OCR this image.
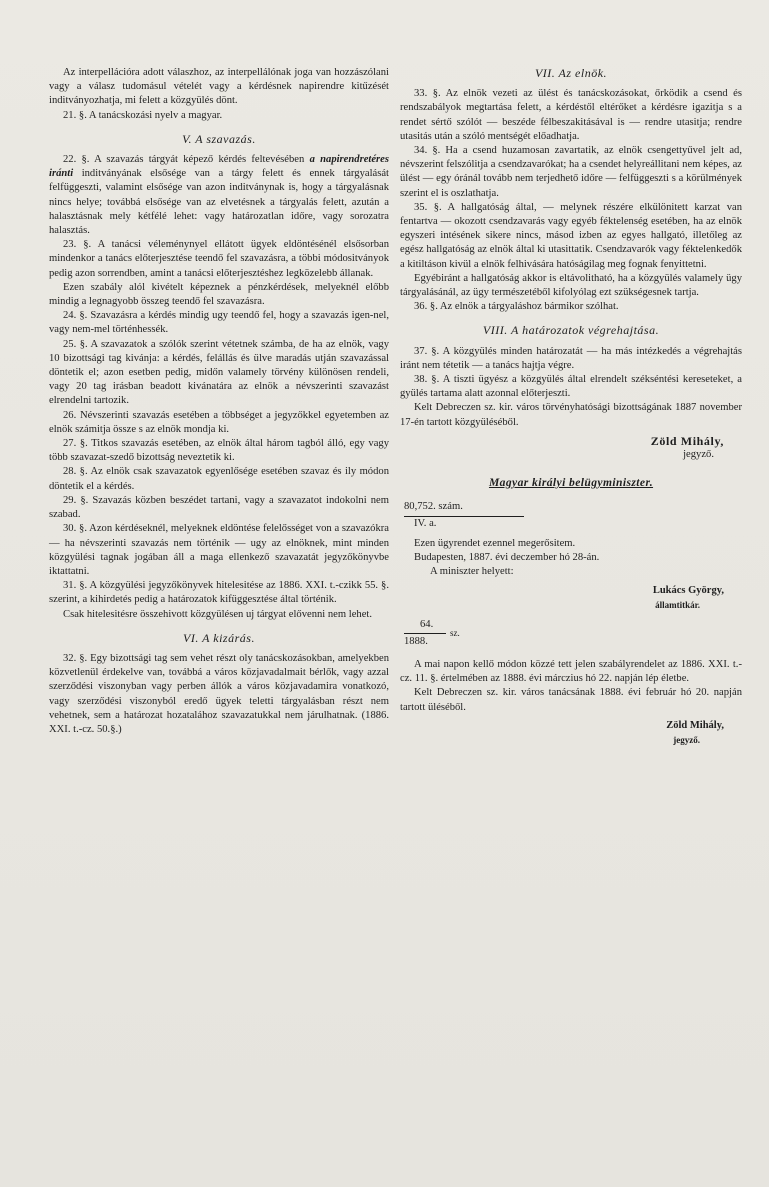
Az interpellációra adott válaszhoz, az interpellálónak joga van hozzászólani vagy a válasz tudomásul vételét vagy a kérdésnek napirendre kitűzését inditványozhatja, mi felett a közgyülés dönt.

21. §. A tanácskozási nyelv a magyar.

V. A szavazás.

22. §. A szavazás tárgyát képező kérdés feltevésében a napirendretéres iránti inditványának elsősége van a tárgy felett és ennek tárgyalását felfüggeszti, valamint elsősége van azon inditványnak is, hogy a tárgyalásnak nincs helye; továbbá elsősége van az elvetésnek a tárgyalás felett, azután a halasztásnak mely kétfélé lehet: vagy határozatlan időre, vagy sorozatra halasztás.

23. §. A tanácsi véleménynyel ellátott ügyek eldöntésénél elsősorban mindenkor a tanács előterjesztése teendő fel szavazásra, a többi módositványok pedig azon sorrendben, amint a tanácsi előterjesztéshez legközelebb állanak.

Ezen szabály alól kivételt képeznek a pénzkérdések, melyeknél előbb mindig a legnagyobb összeg teendő fel szavazásra.

24. §. Szavazásra a kérdés mindig ugy teendő fel, hogy a szavazás igen-nel, vagy nem-mel történhessék.

25. §. A szavazatok a szólók szerint vétetnek számba, de ha az elnök, vagy 10 bizottsági tag kivánja: a kérdés, felállás és ülve maradás utján szavazással döntetik el; azon esetben pedig, midőn valamely törvény különösen rendeli, vagy 20 tag irásban beadott kivánatára az elnök a névszerinti szavazást elrendelni tartozik.

26. Névszerinti szavazás esetében a többséget a jegyzőkkel egyetemben az elnök számitja össze s az elnök mondja ki.

27. §. Titkos szavazás esetében, az elnök által három tagból álló, egy vagy több szavazat-szedő bizottság neveztetik ki.

28. §. Az elnök csak szavazatok egyenlősége esetében szavaz és ily módon döntetik el a kérdés.

29. §. Szavazás közben beszédet tartani, vagy a szavazatot indokolni nem szabad.

30. §. Azon kérdéseknél, melyeknek eldöntése felelősséget von a szavazókra — ha névszerinti szavazás nem történik — ugy az elnöknek, mint minden közgyülési tagnak jogában áll a maga ellenkező szavazatát jegyzőkönyvbe iktattatni.

31. §. A közgyülési jegyzőkönyvek hitelesitése az 1886. XXI. t.-czikk 55. §. szerint, a kihirdetés pedig a határozatok kifüggesztése által történik.

Csak hitelesitésre összehivott közgyülésen uj tárgyat elővenni nem lehet.

VI. A kizárás.

32. §. Egy bizottsági tag sem vehet részt oly tanácskozásokban, amelyekben közvetlenül érdekelve van, továbbá a város közjavadalmait bérlők, vagy azzal szerződési viszonyban vagy perben állók a város közjavadamira vonatkozó, vagy szerződési viszonyból eredő ügyek teletti tárgyalásban részt nem vehetnek, sem a határozat hozatalához szavazatukkal nem járulhatnak. (1886. XXI. t.-cz. 50.§.)

VII. Az elnök.

33. §. Az elnök vezeti az ülést és tanácskozásokat, őrködik a csend és rendszabályok megtartása felett, a kérdéstől eltérőket a kérdésre igazitja s a rendet sértő szólót — beszéde félbeszakitásával is — rendre utasitja; rendre utasitás után a szóló mentségét előadhatja.

34. §. Ha a csend huzamosan zavartatik, az elnök csengettyűvel jelt ad, névszerint felszólitja a csendzavarókat; ha a csendet helyreállitani nem képes, az ülést — egy óránál tovább nem terjedhető időre — felfüggeszti s a körülmények szerint el is oszlathatja.

35. §. A hallgatóság által, — melynek részére elkülönitett karzat van fentartva — okozott csendzavarás vagy egyéb féktelenség esetében, ha az elnök egyszeri intésének sikere nincs, másod izben az egyes hallgató, illetőleg az egész hallgatóság az elnök által ki utasittatik. Csendzavarók vagy féktelenkedők a kitiltáson kivül a elnök felhivására hatóságilag meg fognak fenyittetni.

Egyébiránt a hallgatóság akkor is eltávolitható, ha a közgyülés valamely ügy tárgyalásánál, az ügy természetéből kifolyólag ezt szükségesnek tartja.

36. §. Az elnök a tárgyaláshoz bármikor szólhat.

VIII. A határozatok végrehajtása.

37. §. A közgyülés minden határozatát — ha más intézkedés a végrehajtás iránt nem tétetik — a tanács hajtja végre.

38. §. A tiszti ügyész a közgyülés által elrendelt székséntési kereseteket, a gyülés tartama alatt azonnal előterjeszti.

Kelt Debreczen sz. kir. város törvényhatósági bizottságának 1887 november 17-én tartott közgyüléséből.

Zöld Mihály,
jegyző.
Magyar királyi belügyminiszter.
80,752. szám.
IV. a.

Ezen ügyrendet ezennel megerősitem.

Budapesten, 1887. évi deczember hó 28-án.

A miniszter helyett:

Lukács György,
államtitkár.
64.
1888.
sz.

A mai napon kellő módon közzé tett jelen szabályrendelet az 1886. XXI. t.-cz. 11. §. értelmében az 1888. évi márczius hó 22. napján lép életbe.

Kelt Debreczen sz. kir. város tanácsának 1888. évi február hó 20. napján tartott üléséből.

Zöld Mihály,
jegyző.
